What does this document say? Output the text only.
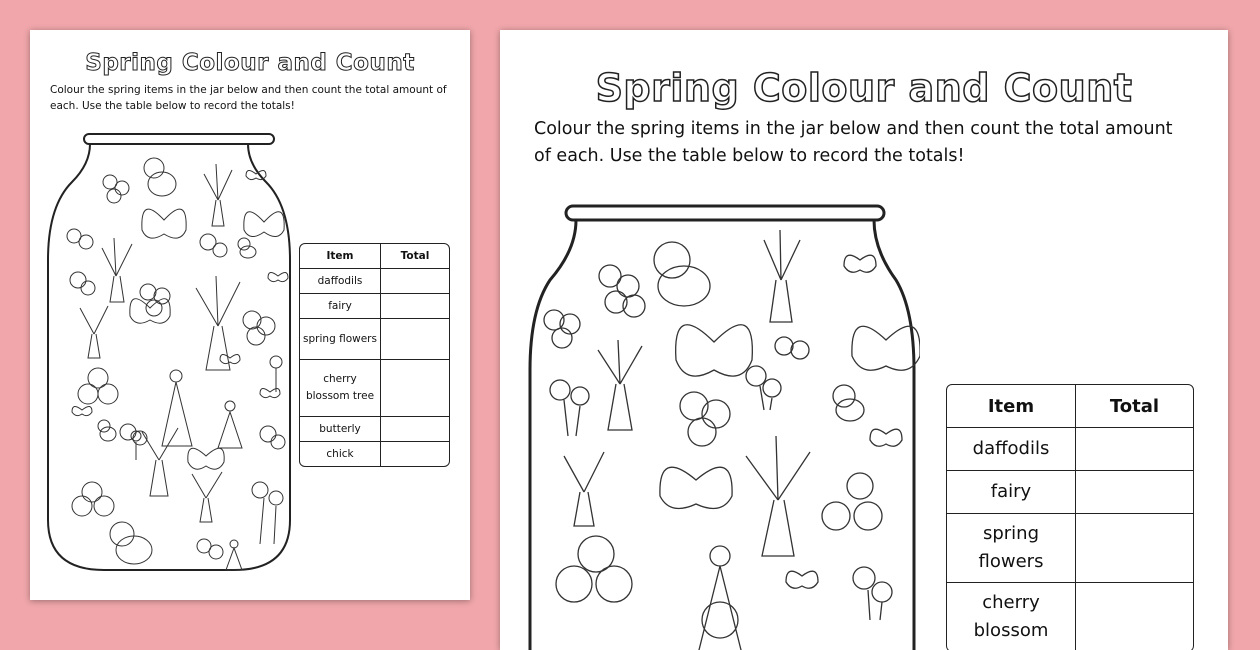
Spring Colour and Count
Colour the spring items in the jar below and then count the total amount of each. Use the table below to record the totals!
Item	Total
daffodils	
fairy	
spring flowers	
cherry blossom tree	
butterly	
chick	
Spring Colour and Count
Colour the spring items in the jar below and then count the total amount of each. Use the table below to record the totals!
Item	Total
daffodils	
fairy	
spring flowers	
cherry blossom	
